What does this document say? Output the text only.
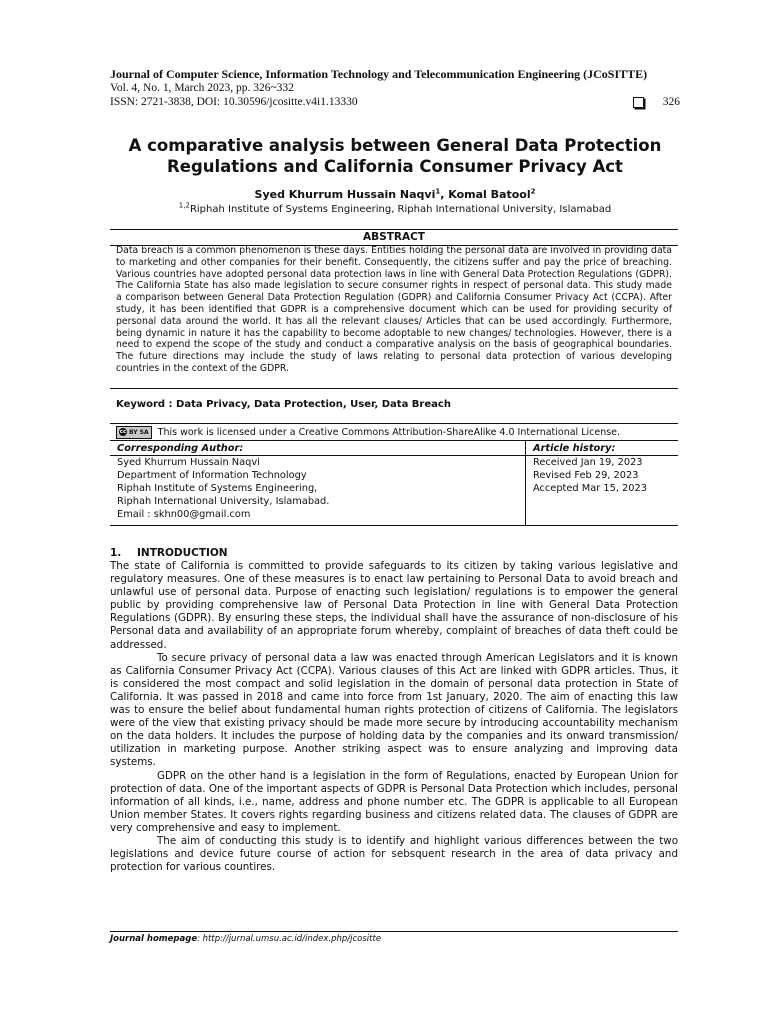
Journal of Computer Science, Information Technology and Telecommunication Engineering (JCoSITTE)
Vol. 4, No. 1, March 2023, pp. 326~332
ISSN: 2721-3838, DOI: 10.30596/jcositte.v4i1.13330	326
A comparative analysis between General Data Protection
Regulations and California Consumer Privacy Act
Syed Khurrum Hussain Naqvi$^1$, Komal Batool$^2$
$^{1,2}$Riphah Institute of Systems Engineering, Riphah International University, Islamabad
ABSTRACT
Data breach is a common phenomenon is these days. Entities holding the personal data are involved in providing data to marketing and other companies for their benefit. Consequently, the citizens suffer and pay the price of breaching. Various countries have adopted personal data protection laws in line with General Data Protection Regulations (GDPR). The California State has also made legislation to secure consumer rights in respect of personal data. This study made a comparison between General Data Protection Regulation (GDPR) and California Consumer Privacy Act (CCPA). After study, it has been identified that GDPR is a comprehensive document which can be used for providing security of personal data around the world. It has all the relevant clauses/ Articles that can be used accordingly. Furthermore, being dynamic in nature it has the capability to become adoptable to new changes/ technologies. However, there is a need to expend the scope of the study and conduct a comparative analysis on the basis of geographical boundaries. The future directions may include the study of laws relating to personal data protection of various developing countries in the context of the GDPR.
Keyword : Data Privacy, Data Protection, User, Data Breach
cc BY SA This work is licensed under a Creative Commons Attribution-ShareAlike 4.0 International License.
Corresponding Author:
Syed Khurrum Hussain Naqvi
Department of Information Technology
Riphah Institute of Systems Engineering,
Riphah International University, Islamabad.
Email : skhn00@gmail.com
Article history:
Received Jan 19, 2023
Revised Feb 29, 2023
Accepted Mar 15, 2023
1. INTRODUCTION

The state of California is committed to provide safeguards to its citizen by taking various legislative and regulatory measures. One of these measures is to enact law pertaining to Personal Data to avoid breach and unlawful use of personal data. Purpose of enacting such legislation/ regulations is to empower the general public by providing comprehensive law of Personal Data Protection in line with General Data Protection Regulations (GDPR). By ensuring these steps, the individual shall have the assurance of non-disclosure of his Personal data and availability of an appropriate forum whereby, complaint of breaches of data theft could be addressed.

To secure privacy of personal data a law was enacted through American Legislators and it is known as California Consumer Privacy Act (CCPA). Various clauses of this Act are linked with GDPR articles. Thus, it is considered the most compact and solid legislation in the domain of personal data protection in State of California. It was passed in 2018 and came into force from 1st January, 2020. The aim of enacting this law was to ensure the belief about fundamental human rights protection of citizens of California. The legislators were of the view that existing privacy should be made more secure by introducing accountability mechanism on the data holders. It includes the purpose of holding data by the companies and its onward transmission/ utilization in marketing purpose. Another striking aspect was to ensure analyzing and improving data systems.

GDPR on the other hand is a legislation in the form of Regulations, enacted by European Union for protection of data. One of the important aspects of GDPR is Personal Data Protection which includes, personal information of all kinds, i.e., name, address and phone number etc. The GDPR is applicable to all European Union member States. It covers rights regarding business and citizens related data. The clauses of GDPR are very comprehensive and easy to implement.

The aim of conducting this study is to identify and highlight various differences between the two legislations and device future course of action for sebsquent research in the area of data privacy and protection for various countires.

Journal homepage: http://jurnal.umsu.ac.id/index.php/jcositte
